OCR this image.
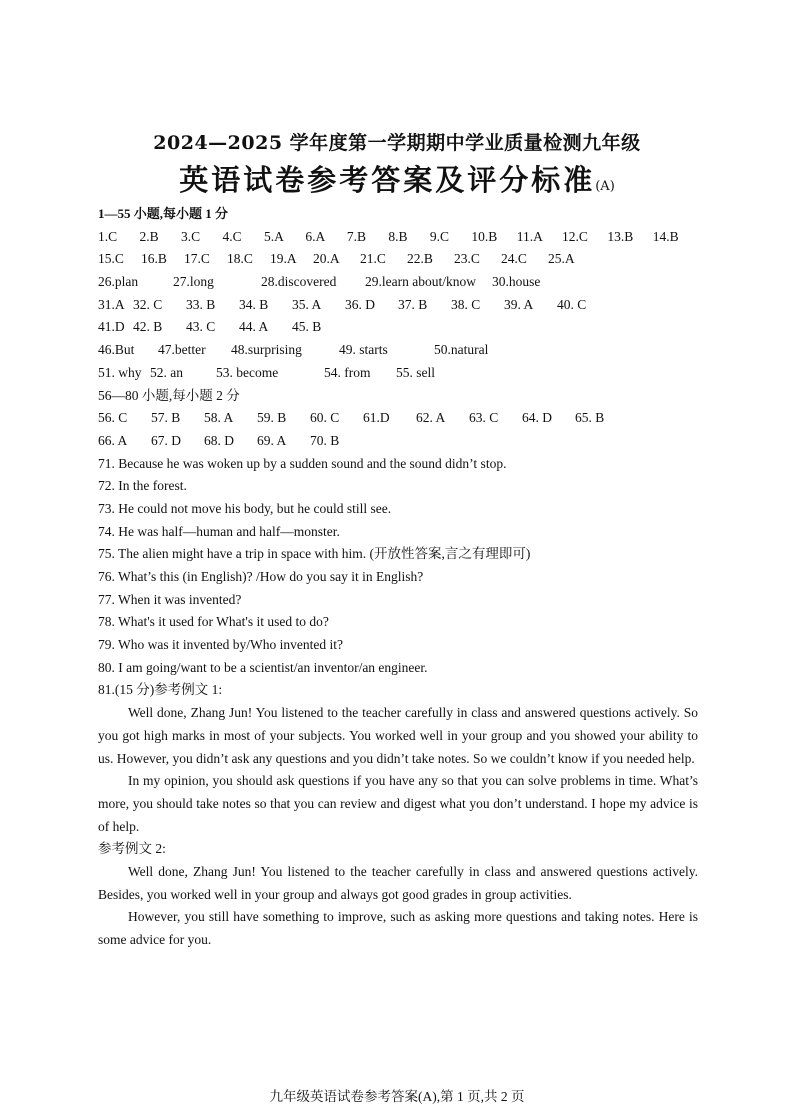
2024—2025 学年度第一学期期中学业质量检测九年级
英语试卷参考答案及评分标准(A)
1—55 小题,每小题 1 分
1.C	2.B	3.C	4.C	5.A	6.A	7.B	8.B	9.C	10.B	11.A	12.C	13.B	14.B
15.C	16.B	17.C	18.C	19.A	20.A	21.C	22.B	23.C	24.C	25.A
26.plan	27.long	28.discovered	29.learn about/know	30.house
31.A 32. C	33. B	34. B	35. A	36. D	37. B	38. C	39. A	40. C
41.D 42. B	43. C	44. A	45. B
46.But	47.better	48.surprising	49. starts	50.natural
51. why 52. an	53. become	54. from	55. sell
56—80 小题,每小题 2 分
56. C	57. B	58. A	59. B	60. C	61.D	62. A	63. C	64. D	65. B
66. A	67. D	68. D	69. A	70. B
71. Because he was woken up by a sudden sound and the sound didn’t stop.
72. In the forest.
73. He could not move his body, but he could still see.
74. He was half—human and half—monster.
75. The alien might have a trip in space with him. (开放性答案,言之有理即可)
76. What’s this (in English)? /How do you say it in English?
77. When it was invented?
78. What's it used for What's it used to do?
79. Who was it invented by/Who invented it?
80. I am going/want to be a scientist/an inventor/an engineer.
81.(15 分)参考例文 1:
Well done, Zhang Jun! You listened to the teacher carefully in class and answered questions actively. So you got high marks in most of your subjects. You worked well in your group and you showed your ability to us. However, you didn’t ask any questions and you didn’t take notes. So we couldn’t know if you needed help.
In my opinion, you should ask questions if you have any so that you can solve problems in time. What’s more, you should take notes so that you can review and digest what you don’t understand. I hope my advice is of help.
参考例文 2:
Well done, Zhang Jun! You listened to the teacher carefully in class and answered questions actively. Besides, you worked well in your group and always got good grades in group activities.
However, you still have something to improve, such as asking more questions and taking notes. Here is some advice for you.
九年级英语试卷参考答案(A),第 1 页,共 2 页
